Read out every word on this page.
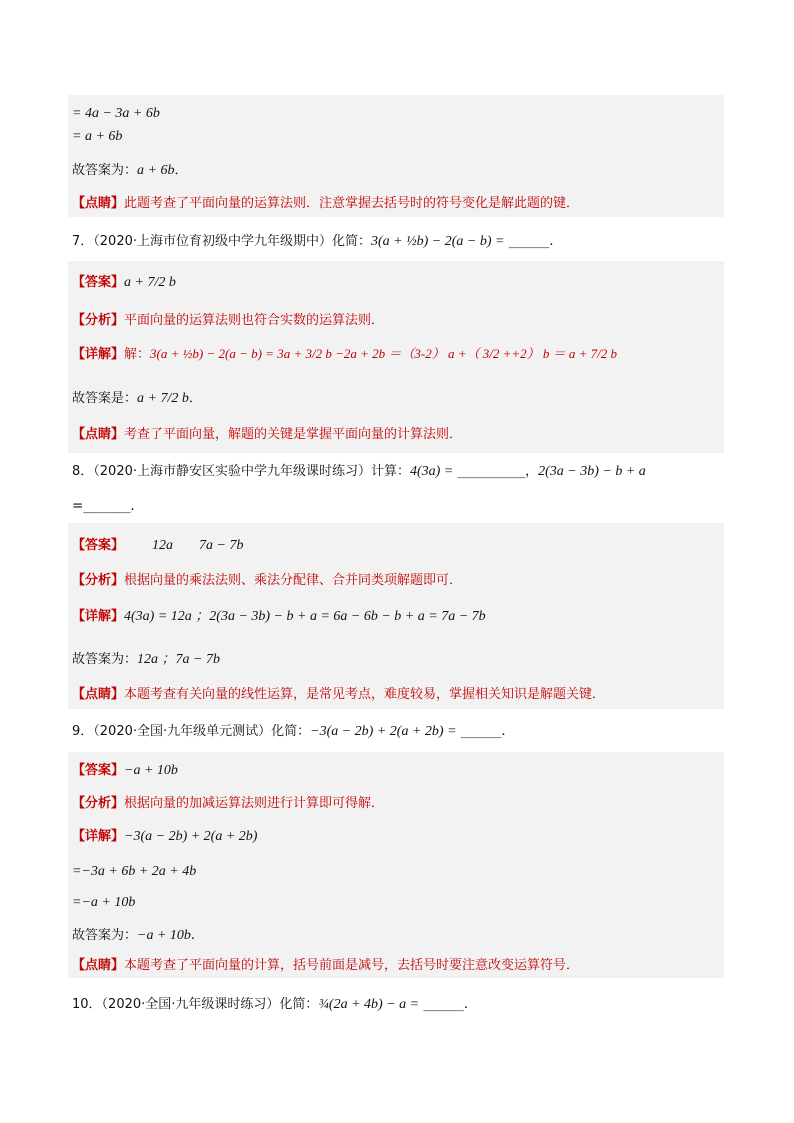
= 4a − 3a + 6b
= a + 6b
故答案为：a + 6b．
【点睛】此题考查了平面向量的运算法则．注意掌握去括号时的符号变化是解此题的键．
7．（2020·上海市位育初级中学九年级期中）化简：3(a + ½b) − 2(a − b) = ______．
【答案】a + 7/2 b
【分析】平面向量的运算法则也符合实数的运算法则．
【详解】解：3(a + ½b) − 2(a − b) = 3a + 3/2 b −2a + 2b ＝（3-2） a +（ 3/2 ++2） b ＝ a + 7/2 b
故答案是：a + 7/2 b．
【点睛】考查了平面向量，解题的关键是掌握平面向量的计算法则．
8．（2020·上海市静安区实验中学九年级课时练习）计算：4(3a) = __________，2(3a − 3b) − b + a
=_______．
【答案】 12a 7a − 7b
【分析】根据向量的乘法法则、乘法分配律、合并同类项解题即可．
【详解】4(3a) = 12a ；2(3a − 3b) − b + a = 6a − 6b − b + a = 7a − 7b
故答案为：12a ；7a − 7b
【点睛】本题考查有关向量的线性运算，是常见考点，难度较易，掌握相关知识是解题关键．
9．（2020·全国·九年级单元测试）化简：−3(a − 2b) + 2(a + 2b) = ______．
【答案】−a + 10b
【分析】根据向量的加减运算法则进行计算即可得解．
【详解】−3(a − 2b) + 2(a + 2b)
=−3a + 6b + 2a + 4b
=−a + 10b
故答案为：−a + 10b．
【点睛】本题考查了平面向量的计算，括号前面是减号，去括号时要注意改变运算符号．
10．（2020·全国·九年级课时练习）化简：¾(2a + 4b) − a = ______．
